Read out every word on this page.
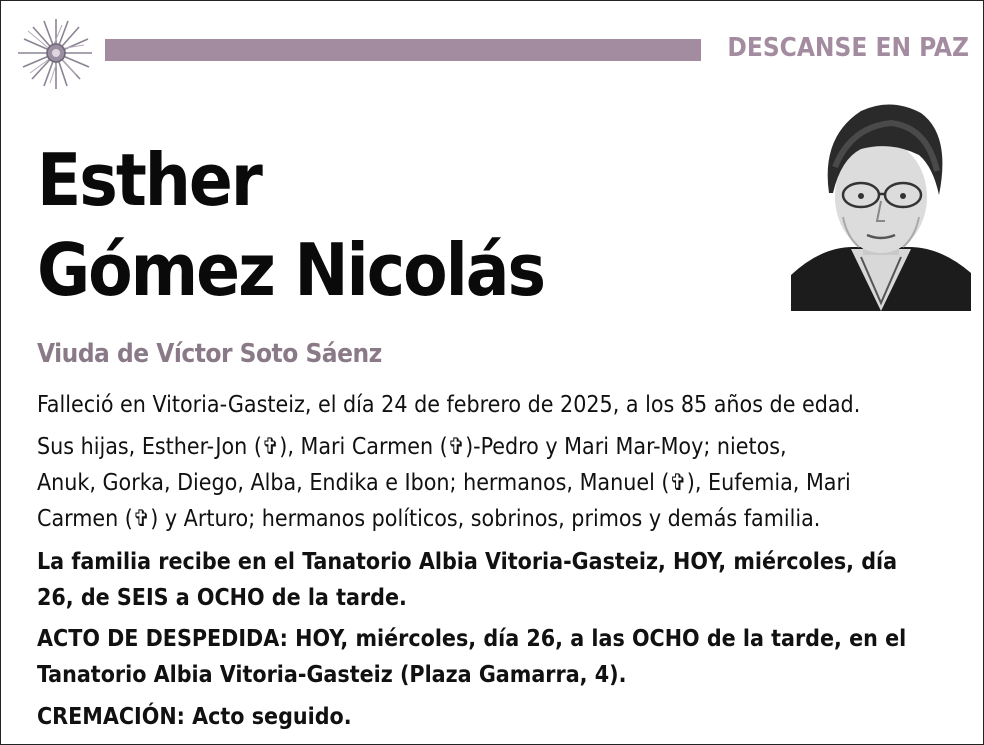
DESCANSE EN PAZ
Esther
Gómez Nicolás
Viuda de Víctor Soto Sáenz
Falleció en Vitoria-Gasteiz, el día 24 de febrero de 2025, a los 85 años de edad.
Sus hijas, Esther-Jon (✞), Mari Carmen (✞)-Pedro y Mari Mar-Moy; nietos,
Anuk, Gorka, Diego, Alba, Endika e Ibon; hermanos, Manuel (✞), Eufemia, Mari
Carmen (✞) y Arturo; hermanos políticos, sobrinos, primos y demás familia.
La familia recibe en el Tanatorio Albia Vitoria-Gasteiz, HOY, miércoles, día
26, de SEIS a OCHO de la tarde.
ACTO DE DESPEDIDA: HOY, miércoles, día 26, a las OCHO de la tarde, en el
Tanatorio Albia Vitoria-Gasteiz (Plaza Gamarra, 4).
CREMACIÓN: Acto seguido.
